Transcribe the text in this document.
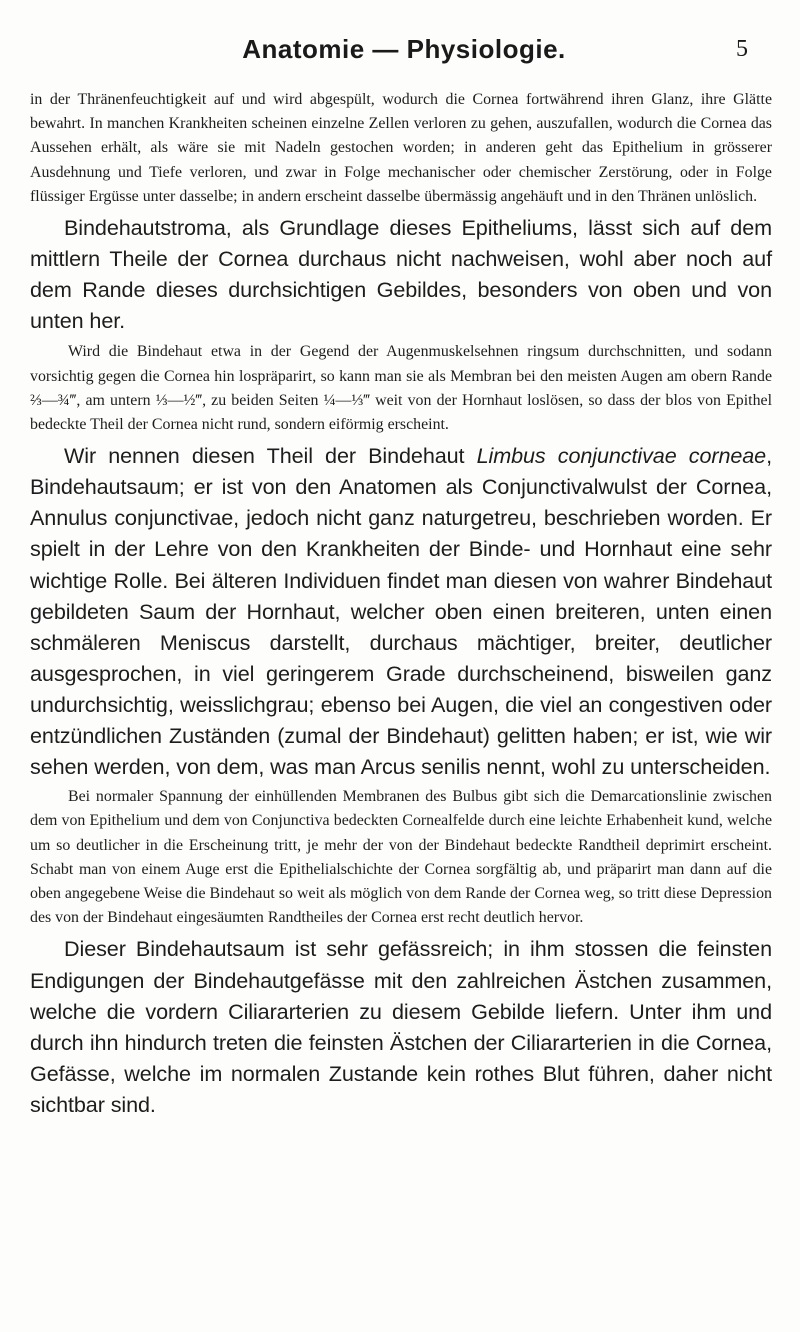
Anatomie — Physiologie.	5

in der Thränenfeuchtigkeit auf und wird abgespült, wodurch die Cornea fortwährend ihren Glanz, ihre Glätte bewahrt. In manchen Krankheiten scheinen einzelne Zellen verloren zu gehen, auszufallen, wodurch die Cornea das Aussehen erhält, als wäre sie mit Nadeln gestochen worden; in anderen geht das Epithelium in grösserer Ausdehnung und Tiefe verloren, und zwar in Folge mechanischer oder chemischer Zerstörung, oder in Folge flüssiger Ergüsse unter dasselbe; in andern erscheint dasselbe übermässig angehäuft und in den Thränen unlöslich.

Bindehautstroma, als Grundlage dieses Epitheliums, lässt sich auf dem mittlern Theile der Cornea durchaus nicht nachweisen, wohl aber noch auf dem Rande dieses durchsichtigen Gebildes, besonders von oben und von unten her.

Wird die Bindehaut etwa in der Gegend der Augenmuskelsehnen ringsum durchschnitten, und sodann vorsichtig gegen die Cornea hin lospräparirt, so kann man sie als Membran bei den meisten Augen am obern Rande ⅔—¾‴, am untern ⅓—½‴, zu beiden Seiten ¼—⅓‴ weit von der Hornhaut loslösen, so dass der blos von Epithel bedeckte Theil der Cornea nicht rund, sondern eiförmig erscheint.

Wir nennen diesen Theil der Bindehaut Limbus conjunctivae corneae, Bindehautsaum; er ist von den Anatomen als Conjunctivalwulst der Cornea, Annulus conjunctivae, jedoch nicht ganz naturgetreu, beschrieben worden. Er spielt in der Lehre von den Krankheiten der Binde- und Hornhaut eine sehr wichtige Rolle. Bei älteren Individuen findet man diesen von wahrer Bindehaut gebildeten Saum der Hornhaut, welcher oben einen breiteren, unten einen schmäleren Meniscus darstellt, durchaus mächtiger, breiter, deutlicher ausgesprochen, in viel geringerem Grade durchscheinend, bisweilen ganz undurchsichtig, weisslichgrau; ebenso bei Augen, die viel an congestiven oder entzündlichen Zuständen (zumal der Bindehaut) gelitten haben; er ist, wie wir sehen werden, von dem, was man Arcus senilis nennt, wohl zu unterscheiden.

Bei normaler Spannung der einhüllenden Membranen des Bulbus gibt sich die Demarcationslinie zwischen dem von Epithelium und dem von Conjunctiva bedeckten Cornealfelde durch eine leichte Erhabenheit kund, welche um so deutlicher in die Erscheinung tritt, je mehr der von der Bindehaut bedeckte Randtheil deprimirt erscheint. Schabt man von einem Auge erst die Epithelialschichte der Cornea sorgfältig ab, und präparirt man dann auf die oben angegebene Weise die Bindehaut so weit als möglich von dem Rande der Cornea weg, so tritt diese Depression des von der Bindehaut eingesäumten Randtheiles der Cornea erst recht deutlich hervor.

Dieser Bindehautsaum ist sehr gefässreich; in ihm stossen die feinsten Endigungen der Bindehautgefässe mit den zahlreichen Ästchen zusammen, welche die vordern Ciliararterien zu diesem Gebilde liefern. Unter ihm und durch ihn hindurch treten die feinsten Ästchen der Ciliararterien in die Cornea, Gefässe, welche im normalen Zustande kein rothes Blut führen, daher nicht sichtbar sind.
